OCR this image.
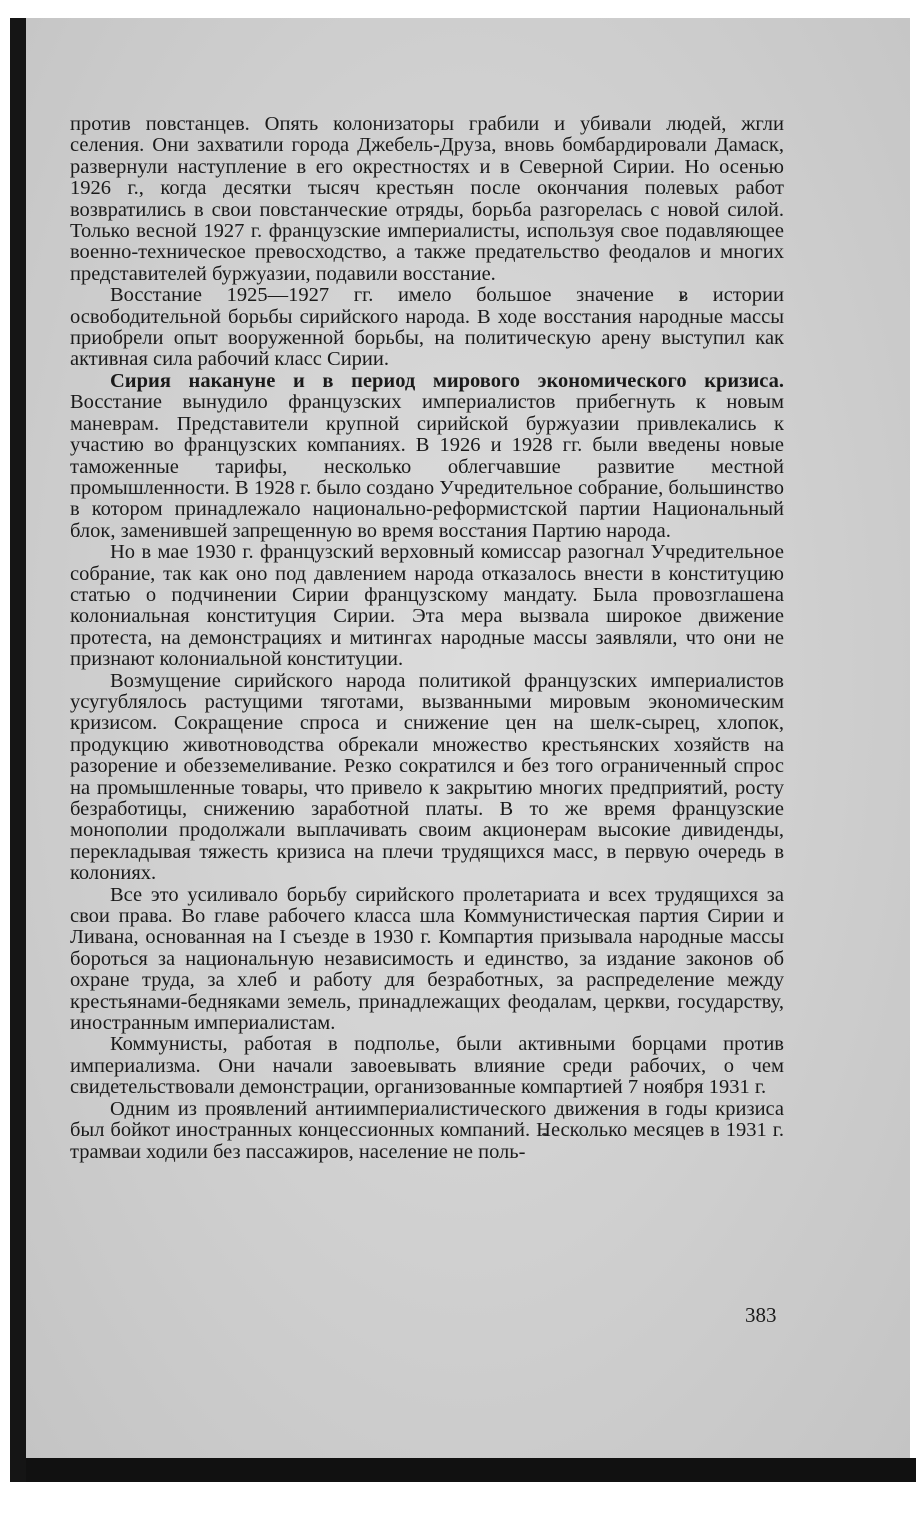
против повстанцев. Опять колонизаторы грабили и убивали людей, жгли селения. Они захватили города Джебель-Друза, вновь бомбардировали Дамаск, развернули наступление в его окрестностях и в Северной Сирии. Но осенью 1926 г., когда десятки тысяч крестьян после окончания полевых работ возвратились в свои повстанческие отряды, борьба разгорелась с новой силой. Только весной 1927 г. французские империалисты, используя свое подавляющее военно-техническое превосходство, а также предательство феодалов и многих представителей буржуазии, подавили восстание.

Восстание 1925—1927 гг. имело большое значение в истории освободительной борьбы сирийского народа. В ходе восстания народные массы приобрели опыт вооруженной борьбы, на политическую арену выступил как активная сила рабочий класс Сирии.

Сирия накануне и в период мирового экономического кризиса. Восстание вынудило французских империалистов прибегнуть к новым маневрам. Представители крупной сирийской буржуазии привлекались к участию во французских компаниях. В 1926 и 1928 гг. были введены новые таможенные тарифы, несколько облегчавшие развитие местной промышленности. В 1928 г. было создано Учредительное собрание, большинство в котором принадлежало национально-реформистской партии Национальный блок, заменившей запрещенную во время восстания Партию народа.

Но в мае 1930 г. французский верховный комиссар разогнал Учредительное собрание, так как оно под давлением народа отказалось внести в конституцию статью о подчинении Сирии французскому мандату. Была провозглашена колониальная конституция Сирии. Эта мера вызвала широкое движение протеста, на демонстрациях и митингах народные массы заявляли, что они не признают колониальной конституции.

Возмущение сирийского народа политикой французских империалистов усугублялось растущими тяготами, вызванными мировым экономическим кризисом. Сокращение спроса и снижение цен на шелк-сырец, хлопок, продукцию животноводства обрекали множество крестьянских хозяйств на разорение и обезземеливание. Резко сократился и без того ограниченный спрос на промышленные товары, что привело к закрытию многих предприятий, росту безработицы, снижению заработной платы. В то же время французские монополии продолжали выплачивать своим акционерам высокие дивиденды, перекладывая тяжесть кризиса на плечи трудящихся масс, в первую очередь в колониях.

Все это усиливало борьбу сирийского пролетариата и всех трудящихся за свои права. Во главе рабочего класса шла Коммунистическая партия Сирии и Ливана, основанная на I съезде в 1930 г. Компартия призывала народные массы бороться за национальную независимость и единство, за издание законов об охране труда, за хлеб и работу для безработных, за распределение между крестьянами-бедняками земель, принадлежащих феодалам, церкви, государству, иностранным империалистам.

Коммунисты, работая в подполье, были активными борцами против империализма. Они начали завоевывать влияние среди рабочих, о чем свидетельствовали демонстрации, организованные компартией 7 ноября 1931 г.

Одним из проявлений антиимпериалистического движения в годы кризиса был бойкот иностранных концессионных компаний. Несколько месяцев в 1931 г. трамваи ходили без пассажиров, население не поль-

383
